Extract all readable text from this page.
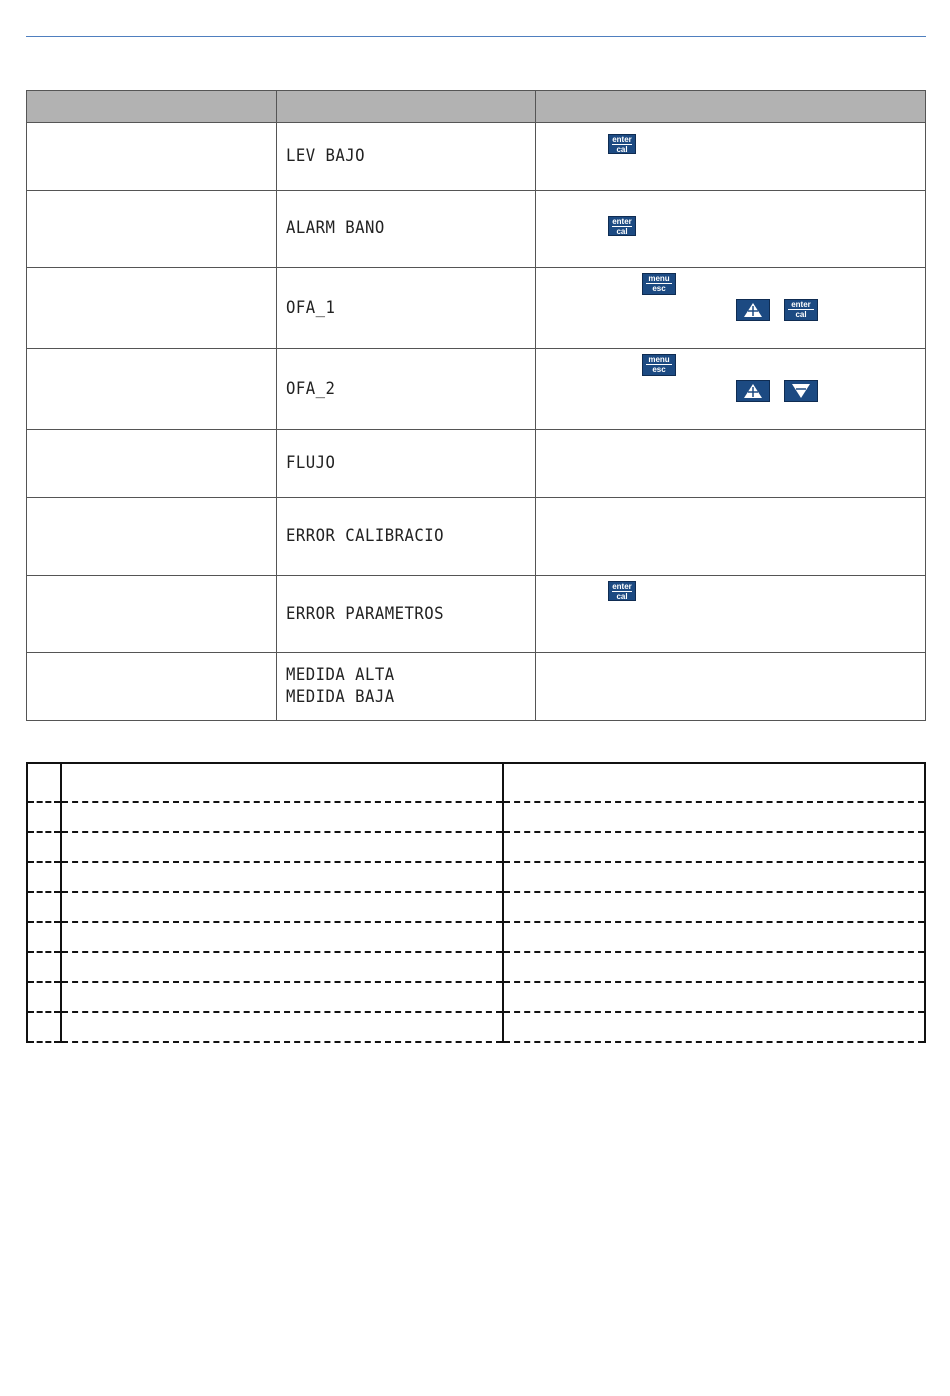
	LEV BAJO	enter
cal

	ALARM BANO	enter
cal

	OFA_1	menu
esc
enter
cal

	OFA_2	menu
esc

	FLUJO	

	ERROR CALIBRACIO	

	ERROR PARAMETROS	enter
cal

	MEDIDA ALTA
MEDIDA BAJA	
